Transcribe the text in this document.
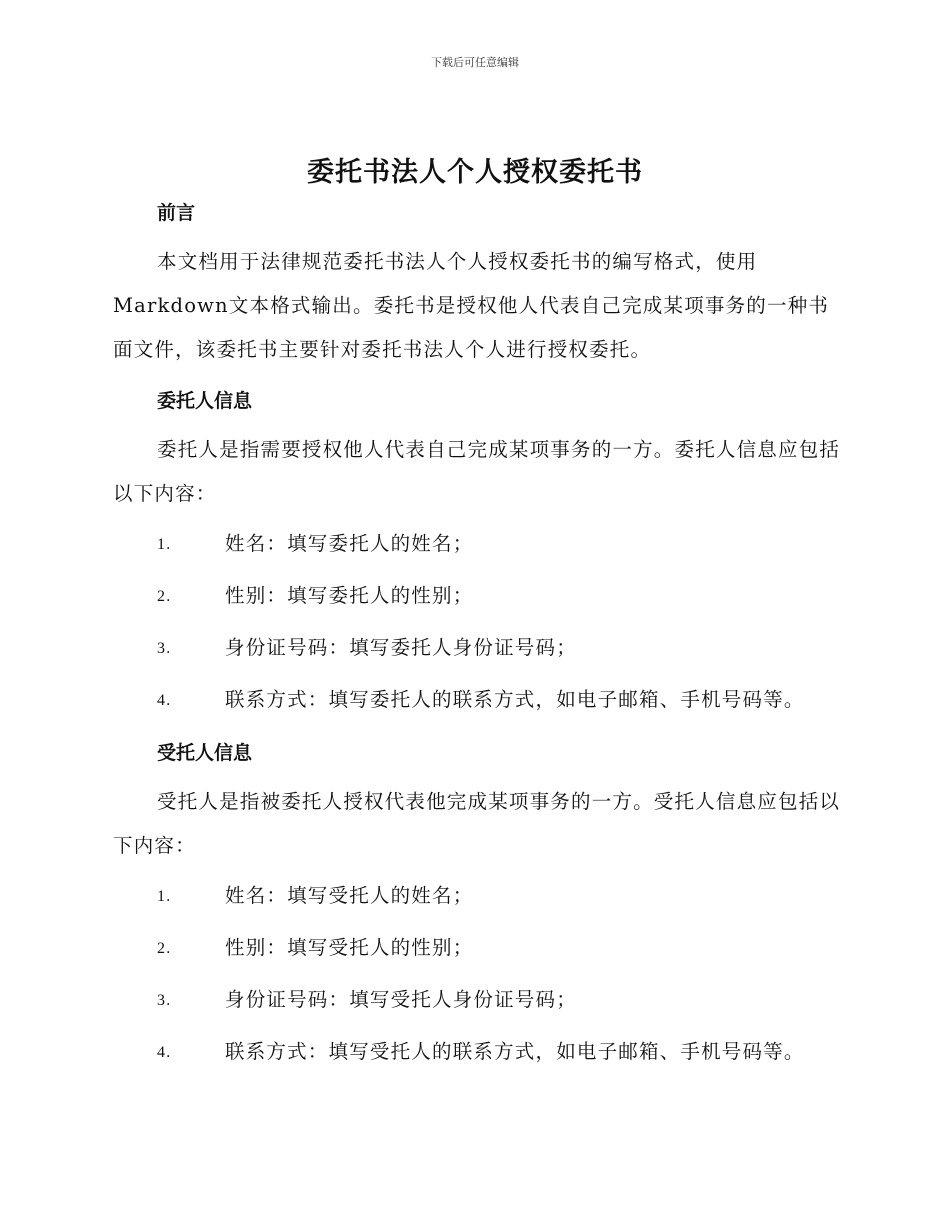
下载后可任意编辑
委托书法人个人授权委托书
前言

本文档用于法律规范委托书法人个人授权委托书的编写格式，使用Markdown文本格式输出。委托书是授权他人代表自己完成某项事务的一种书面文件，该委托书主要针对委托书法人个人进行授权委托。

委托人信息

委托人是指需要授权他人代表自己完成某项事务的一方。委托人信息应包括以下内容：

1.	姓名：填写委托人的姓名；
2.	性别：填写委托人的性别；
3.	身份证号码：填写委托人身份证号码；
4.	联系方式：填写委托人的联系方式，如电子邮箱、手机号码等。
受托人信息

受托人是指被委托人授权代表他完成某项事务的一方。受托人信息应包括以下内容：

1.	姓名：填写受托人的姓名；
2.	性别：填写受托人的性别；
3.	身份证号码：填写受托人身份证号码；
4.	联系方式：填写受托人的联系方式，如电子邮箱、手机号码等。
